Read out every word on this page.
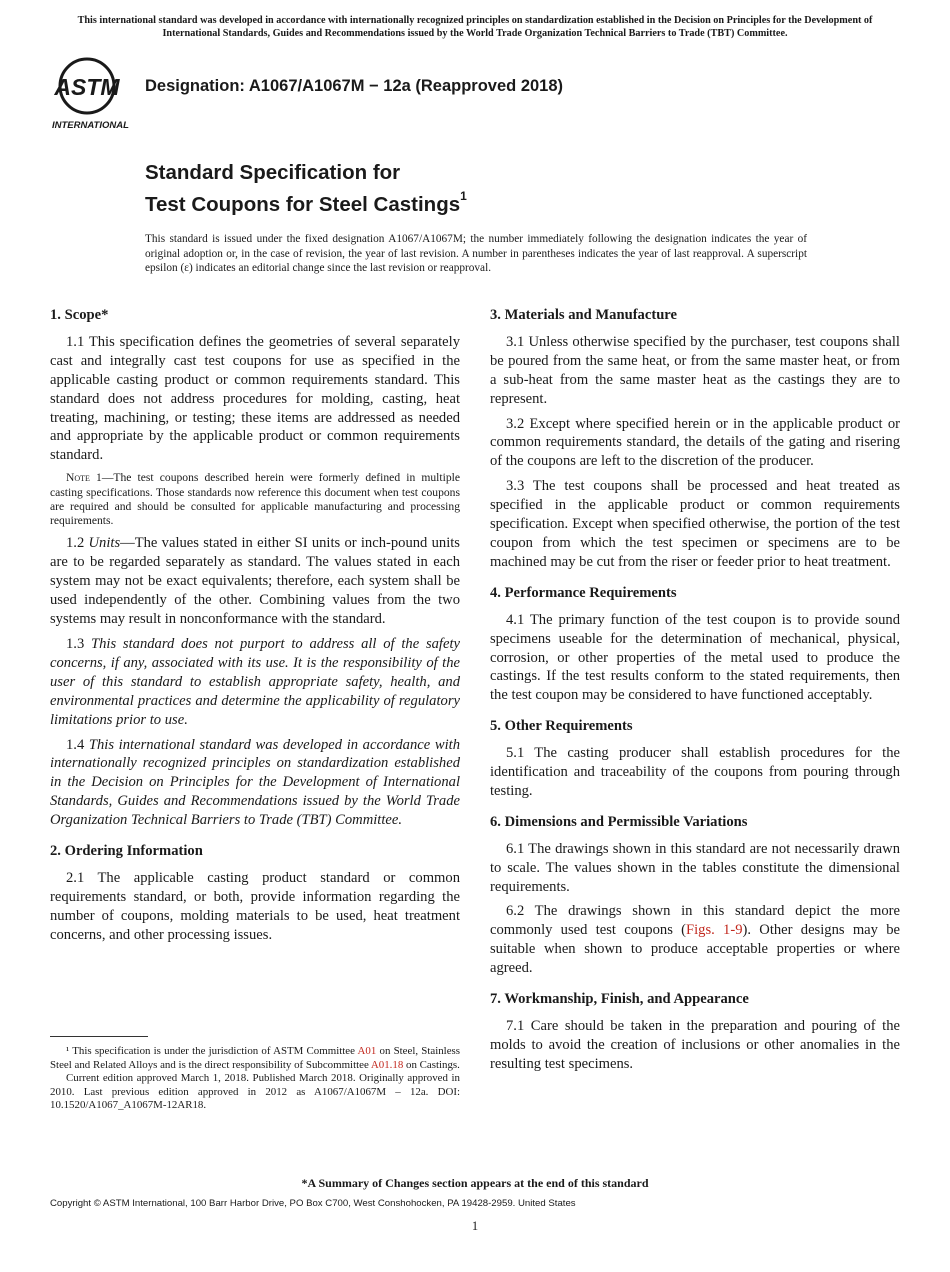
This international standard was developed in accordance with internationally recognized principles on standardization established in the Decision on Principles for the Development of International Standards, Guides and Recommendations issued by the World Trade Organization Technical Barriers to Trade (TBT) Committee.
ASTM
INTERNATIONAL
Designation: A1067/A1067M − 12a (Reapproved 2018)
Standard Specification for
Test Coupons for Steel Castings$^1$
This standard is issued under the fixed designation A1067/A1067M; the number immediately following the designation indicates the year of original adoption or, in the case of revision, the year of last revision. A number in parentheses indicates the year of last reapproval. A superscript epsilon (ε) indicates an editorial change since the last revision or reapproval.
1. Scope*

1.1 This specification defines the geometries of several separately cast and integrally cast test coupons for use as specified in the applicable casting product or common requirements standard. This standard does not address procedures for molding, casting, heat treating, machining, or testing; these items are addressed as needed and appropriate by the applicable product or common requirements standard.

Note 1—The test coupons described herein were formerly defined in multiple casting specifications. Those standards now reference this document when test coupons are required and should be consulted for applicable manufacturing and processing requirements.

1.2 Units—The values stated in either SI units or inch-pound units are to be regarded separately as standard. The values stated in each system may not be exact equivalents; therefore, each system shall be used independently of the other. Combining values from the two systems may result in nonconformance with the standard.

1.3 This standard does not purport to address all of the safety concerns, if any, associated with its use. It is the responsibility of the user of this standard to establish appropriate safety, health, and environmental practices and determine the applicability of regulatory limitations prior to use.

1.4 This international standard was developed in accordance with internationally recognized principles on standardization established in the Decision on Principles for the Development of International Standards, Guides and Recommendations issued by the World Trade Organization Technical Barriers to Trade (TBT) Committee.

2. Ordering Information

2.1 The applicable casting product standard or common requirements standard, or both, provide information regarding the number of coupons, molding materials to be used, heat treatment concerns, and other processing issues.

3. Materials and Manufacture

3.1 Unless otherwise specified by the purchaser, test coupons shall be poured from the same heat, or from the same master heat, or from a sub-heat from the same master heat as the castings they are to represent.

3.2 Except where specified herein or in the applicable product or common requirements standard, the details of the gating and risering of the coupons are left to the discretion of the producer.

3.3 The test coupons shall be processed and heat treated as specified in the applicable product or common requirements specification. Except when specified otherwise, the portion of the test coupon from which the test specimen or specimens are to be machined may be cut from the riser or feeder prior to heat treatment.

4. Performance Requirements

4.1 The primary function of the test coupon is to provide sound specimens useable for the determination of mechanical, physical, corrosion, or other properties of the metal used to produce the castings. If the test results conform to the stated requirements, then the test coupon may be considered to have functioned acceptably.

5. Other Requirements

5.1 The casting producer shall establish procedures for the identification and traceability of the coupons from pouring through testing.

6. Dimensions and Permissible Variations

6.1 The drawings shown in this standard are not necessarily drawn to scale. The values shown in the tables constitute the dimensional requirements.

6.2 The drawings shown in this standard depict the more commonly used test coupons (Figs. 1-9). Other designs may be suitable when shown to produce acceptable properties or where agreed.

7. Workmanship, Finish, and Appearance

7.1 Care should be taken in the preparation and pouring of the molds to avoid the creation of inclusions or other anomalies in the resulting test specimens.

¹ This specification is under the jurisdiction of ASTM Committee A01 on Steel, Stainless Steel and Related Alloys and is the direct responsibility of Subcommittee A01.18 on Castings.

Current edition approved March 1, 2018. Published March 2018. Originally approved in 2010. Last previous edition approved in 2012 as A1067/A1067M – 12a. DOI: 10.1520/A1067_A1067M-12AR18.

*A Summary of Changes section appears at the end of this standard
Copyright © ASTM International, 100 Barr Harbor Drive, PO Box C700, West Conshohocken, PA 19428-2959. United States
1
